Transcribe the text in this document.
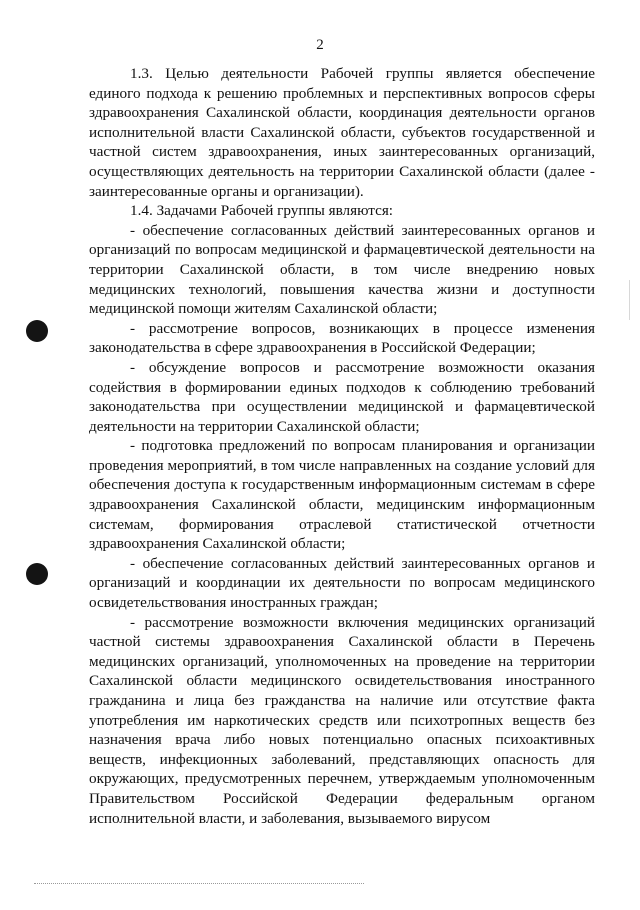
2

1.3. Целью деятельности Рабочей группы является обеспечение единого подхода к решению проблемных и перспективных вопросов сферы здравоохранения Сахалинской области, координация деятельности органов исполнительной власти Сахалинской области, субъектов государственной и частной систем здравоохранения, иных заинтересованных организаций, осуществляющих деятельность на территории Сахалинской области (далее - заинтересованные органы и организации).

1.4. Задачами Рабочей группы являются:

- обеспечение согласованных действий заинтересованных органов и организаций по вопросам медицинской и фармацевтической деятельности на территории Сахалинской области, в том числе внедрению новых медицинских технологий, повышения качества жизни и доступности медицинской помощи жителям Сахалинской области;

- рассмотрение вопросов, возникающих в процессе изменения законодательства в сфере здравоохранения в Российской Федерации;

- обсуждение вопросов и рассмотрение возможности оказания содействия в формировании единых подходов к соблюдению требований законодательства при осуществлении медицинской и фармацевтической деятельности на территории Сахалинской области;

- подготовка предложений по вопросам планирования и организации проведения мероприятий, в том числе направленных на создание условий для обеспечения доступа к государственным информационным системам в сфере здравоохранения Сахалинской области, медицинским информационным системам, формирования отраслевой статистической отчетности здравоохранения Сахалинской области;

- обеспечение согласованных действий заинтересованных органов и организаций и координации их деятельности по вопросам медицинского освидетельствования иностранных граждан;

- рассмотрение возможности включения медицинских организаций частной системы здравоохранения Сахалинской области в Перечень медицинских организаций, уполномоченных на проведение на территории Сахалинской области медицинского освидетельствования иностранного гражданина и лица без гражданства на наличие или отсутствие факта употребления им наркотических средств или психотропных веществ без назначения врача либо новых потенциально опасных психоактивных веществ, инфекционных заболеваний, представляющих опасность для окружающих, предусмотренных перечнем, утверждаемым уполномоченным Правительством Российской Федерации федеральным органом исполнительной власти, и заболевания, вызываемого вирусом
